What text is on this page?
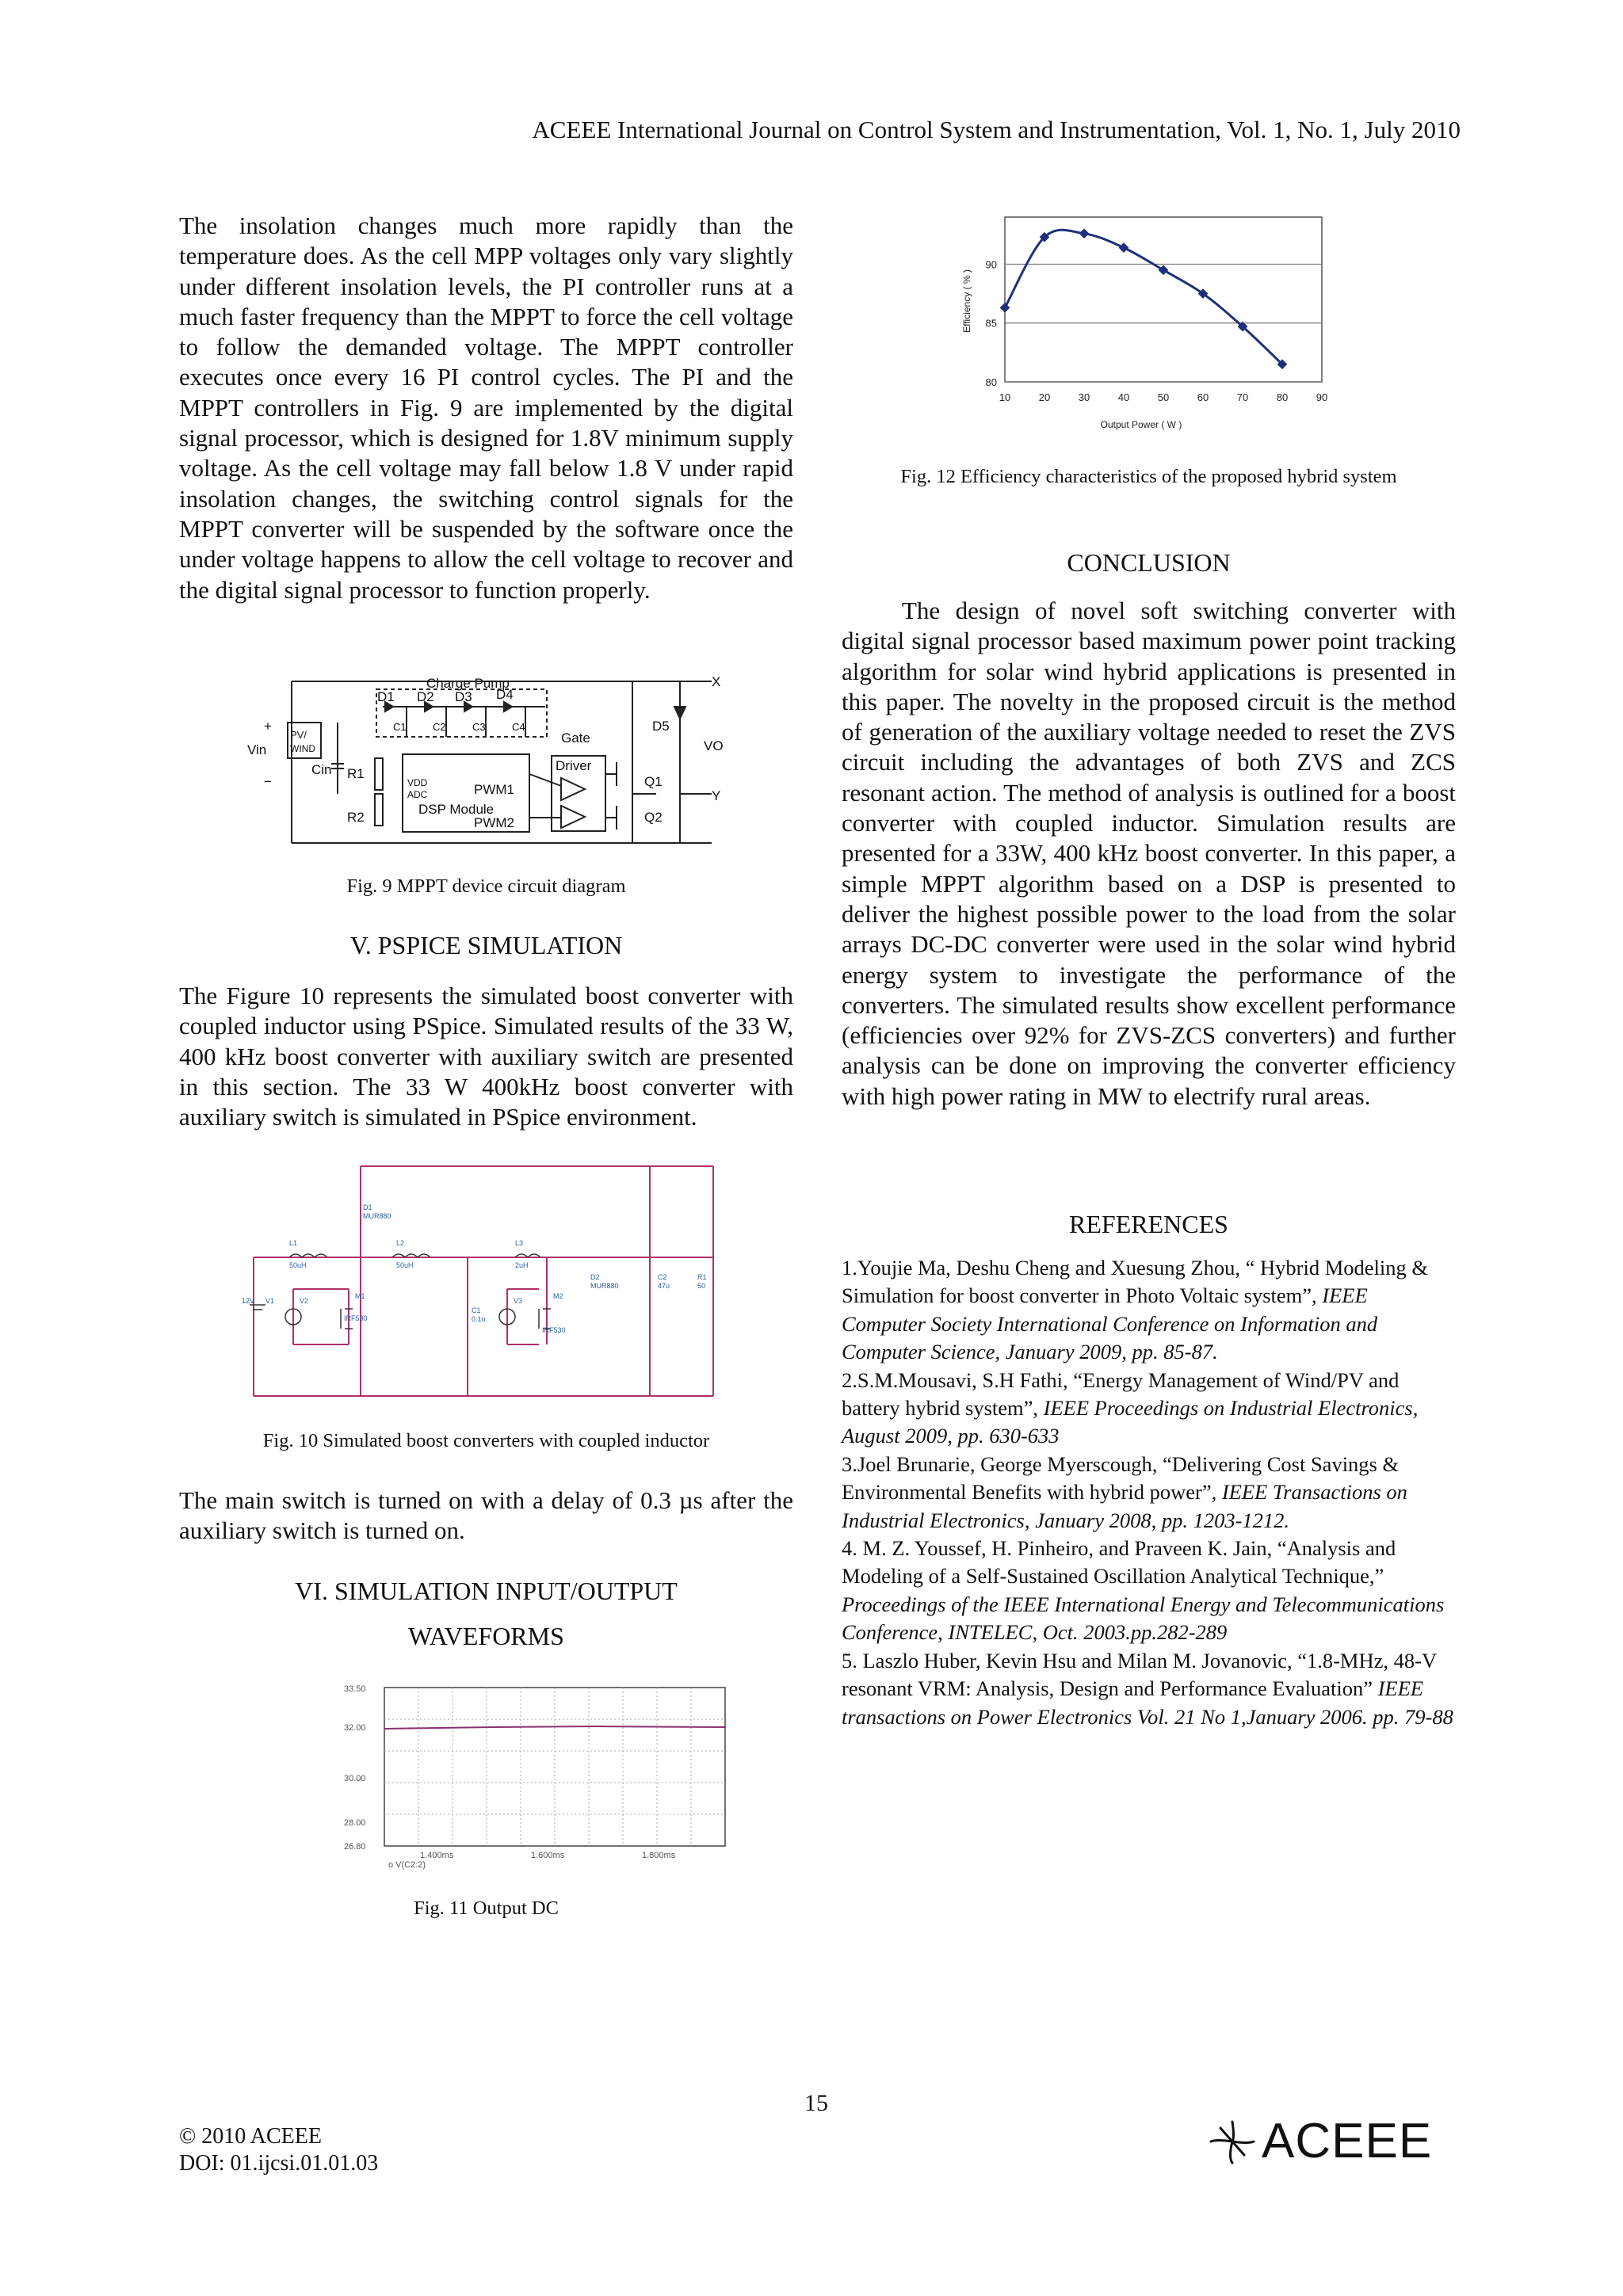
ACEEE International Journal on Control System and Instrumentation, Vol. 1, No. 1, July 2010

The insolation changes much more rapidly than the temperature does. As the cell MPP voltages only vary slightly under different insolation levels, the PI controller runs at a much faster frequency than the MPPT to force the cell voltage to follow the demanded voltage. The MPPT controller executes once every 16 PI control cycles. The PI and the MPPT controllers in Fig. 9 are implemented by the digital signal processor, which is designed for 1.8V minimum supply voltage. As the cell voltage may fall below 1.8 V under rapid insolation changes, the switching control signals for the MPPT converter will be suspended by the software once the under voltage happens to allow the cell voltage to recover and the digital signal processor to function properly.

Charge Pump
D1 D2 D3 D4
C1	C2	C3	C4
Gate
Driver
PV/
WIND
Vin
+
−
Cin R1
R2
VDD
ADC	PWM1
DSP Module
PWM2
D5
Q1
Q2
VO
X
Y
Fig. 9 MPPT device circuit diagram
V. PSPICE SIMULATION

The Figure 10 represents the simulated boost converter with coupled inductor using PSpice. Simulated results of the 33 W, 400 kHz boost converter with auxiliary switch are presented in this section. The 33 W 400kHz boost converter with auxiliary switch is simulated in PSpice environment.

D1
MUR880
L1
50uH
L2
50uH
L3
2uH
V1
12V	V2	V3
M1
IRF530
M2
IRF530
C1
0.1n
D2
MUR880
C2
47u
R1
50
Fig. 10 Simulated boost converters with coupled inductor

The main switch is turned on with a delay of 0.3 µs after the auxiliary switch is turned on.

VI. SIMULATION INPUT/OUTPUT
WAVEFORMS
33.50
32.00
30.00
28.00
26.80
1.400ms	1.600ms	1.800ms
o V(C2:2)
Fig. 11 Output DC
10	20	30	40	50	60	70	80	90
80
85
90
Output Power ( W )
Efficiency ( % )
Fig. 12 Efficiency characteristics of the proposed hybrid system
CONCLUSION

The design of novel soft switching converter with digital signal processor based maximum power point tracking algorithm for solar wind hybrid applications is presented in this paper. The novelty in the proposed circuit is the method of generation of the auxiliary voltage needed to reset the ZVS circuit including the advantages of both ZVS and ZCS resonant action. The method of analysis is outlined for a boost converter with coupled inductor. Simulation results are presented for a 33W, 400 kHz boost converter. In this paper, a simple MPPT algorithm based on a DSP is presented to deliver the highest possible power to the load from the solar arrays DC-DC converter were used in the solar wind hybrid energy system to investigate the performance of the converters. The simulated results show excellent performance (efficiencies over 92% for ZVS-ZCS converters) and further analysis can be done on improving the converter efficiency with high power rating in MW to electrify rural areas.

REFERENCES

1.Youjie Ma, Deshu Cheng and Xuesung Zhou, “ Hybrid Modeling & Simulation for boost converter in Photo Voltaic system”, IEEE Computer Society International Conference on Information and Computer Science, January 2009, pp. 85-87.

2.S.M.Mousavi, S.H Fathi, “Energy Management of Wind/PV and battery hybrid system”, IEEE Proceedings on Industrial Electronics, August 2009, pp. 630-633

3.Joel Brunarie, George Myerscough, “Delivering Cost Savings & Environmental Benefits with hybrid power”, IEEE Transactions on Industrial Electronics, January 2008, pp. 1203-1212.

4. M. Z. Youssef, H. Pinheiro, and Praveen K. Jain, “Analysis and Modeling of a Self-Sustained Oscillation Analytical Technique,” Proceedings of the IEEE International Energy and Telecommunications Conference, INTELEC, Oct. 2003.pp.282-289

5. Laszlo Huber, Kevin Hsu and Milan M. Jovanovic, “1.8-MHz, 48-V resonant VRM: Analysis, Design and Performance Evaluation” IEEE transactions on Power Electronics Vol. 21 No 1,January 2006. pp. 79-88

15
© 2010 ACEEE
DOI: 01.ijcsi.01.01.03	ACEEE
